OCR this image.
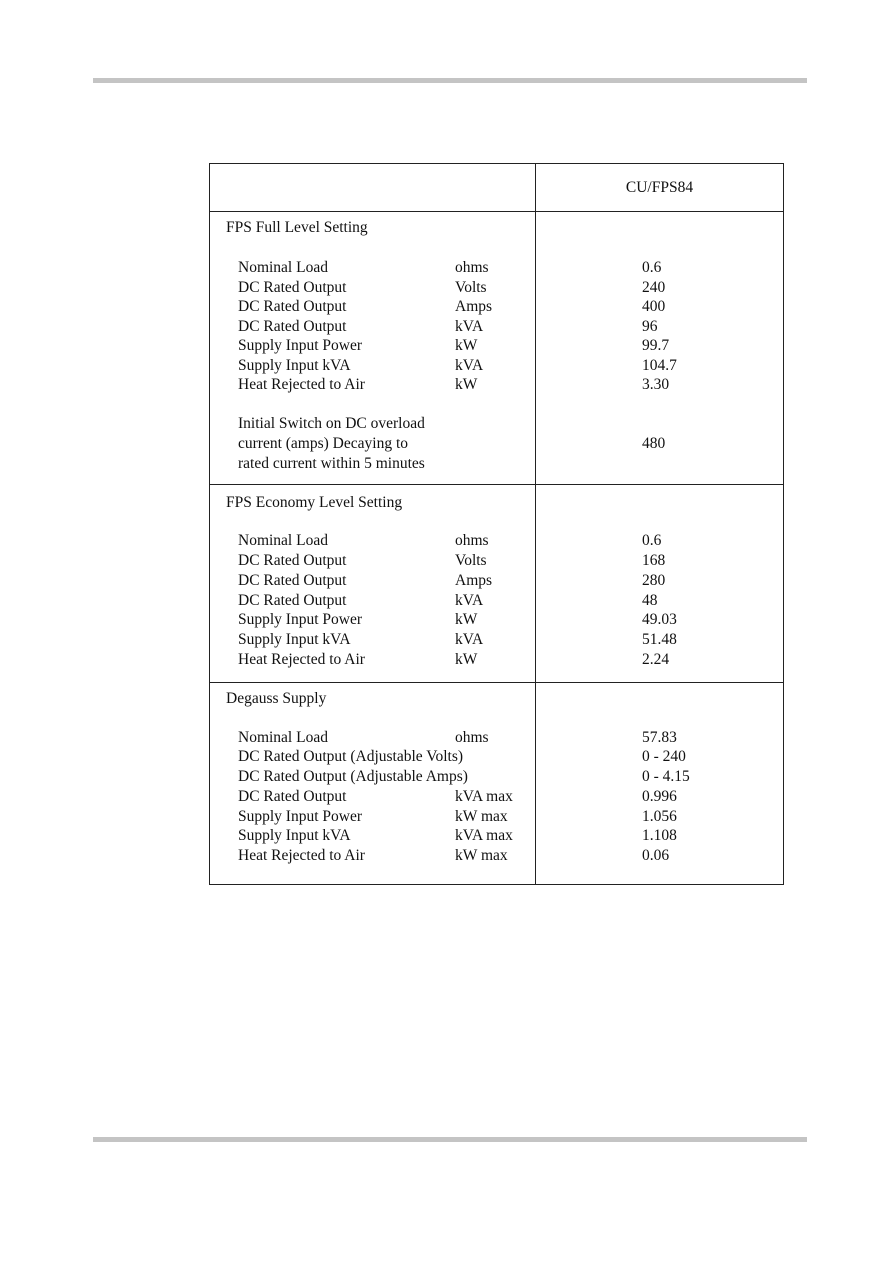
CU/FPS84
FPS Full Level Setting
Nominal Load	ohms	0.6
DC Rated Output	Volts	240
DC Rated Output	Amps	400
DC Rated Output	kVA	96
Supply Input Power	kW	99.7
Supply Input kVA	kVA	104.7
Heat Rejected to Air	kW	3.30
Initial Switch on DC overload
current (amps) Decaying to
rated current within 5 minutes
480
FPS Economy Level Setting
Nominal Load	ohms	0.6
DC Rated Output	Volts	168
DC Rated Output	Amps	280
DC Rated Output	kVA	48
Supply Input Power	kW	49.03
Supply Input kVA	kVA	51.48
Heat Rejected to Air	kW	2.24
Degauss Supply
Nominal Load	ohms	57.83
DC Rated Output (Adjustable Volts)	0 - 240
DC Rated Output (Adjustable Amps)	0 - 4.15
DC Rated Output	kVA max	0.996
Supply Input Power	kW max	1.056
Supply Input kVA	kVA max	1.108
Heat Rejected to Air	kW max	0.06
